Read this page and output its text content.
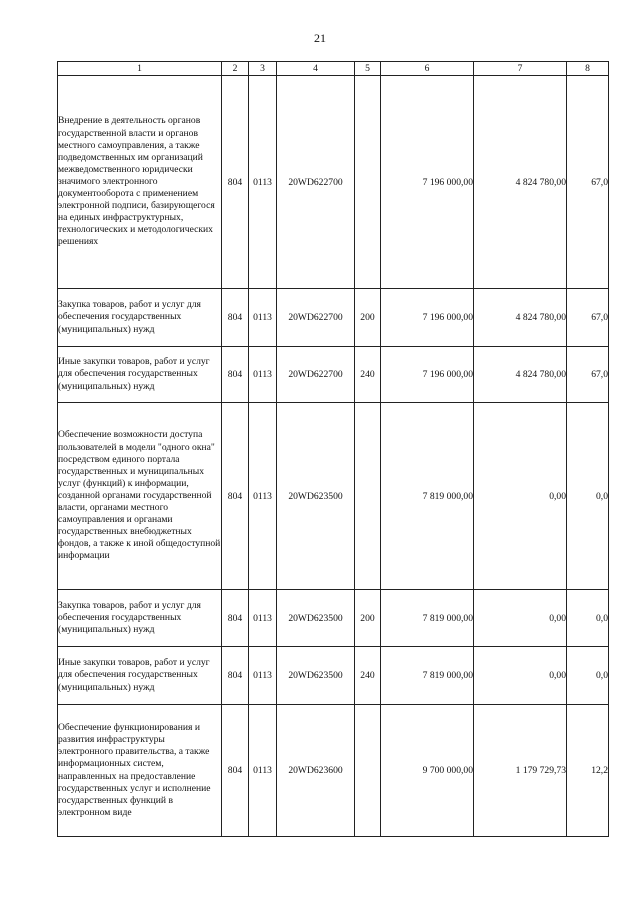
21
1	2	3	4	5	6	7	8
Внедрение в деятельность органов государственной власти и органов местного самоуправления, а также подведомственных им организаций межведомственного юридически значимого электронного документооборота с применением электронной подписи, базирующегося на единых инфраструктурных, технологических и методологических решениях	804	0113	20WD622700		7 196 000,00	4 824 780,00	67,0
Закупка товаров, работ и услуг для обеспечения государственных (муниципальных) нужд	804	0113	20WD622700	200	7 196 000,00	4 824 780,00	67,0
Иные закупки товаров, работ и услуг для обеспечения государственных (муниципальных) нужд	804	0113	20WD622700	240	7 196 000,00	4 824 780,00	67,0
Обеспечение возможности доступа пользователей в модели "одного окна" посредством единого портала государственных и муниципальных услуг (функций) к информации, созданной органами государственной власти, органами местного самоуправления и органами государственных внебюджетных фондов, а также к иной общедоступной информации	804	0113	20WD623500		7 819 000,00	0,00	0,0
Закупка товаров, работ и услуг для обеспечения государственных (муниципальных) нужд	804	0113	20WD623500	200	7 819 000,00	0,00	0,0
Иные закупки товаров, работ и услуг для обеспечения государственных (муниципальных) нужд	804	0113	20WD623500	240	7 819 000,00	0,00	0,0
Обеспечение функционирования и развития инфраструктуры электронного правительства, а также информационных систем, направленных на предоставление государственных услуг и исполнение государственных функций в электронном виде	804	0113	20WD623600		9 700 000,00	1 179 729,73	12,2
